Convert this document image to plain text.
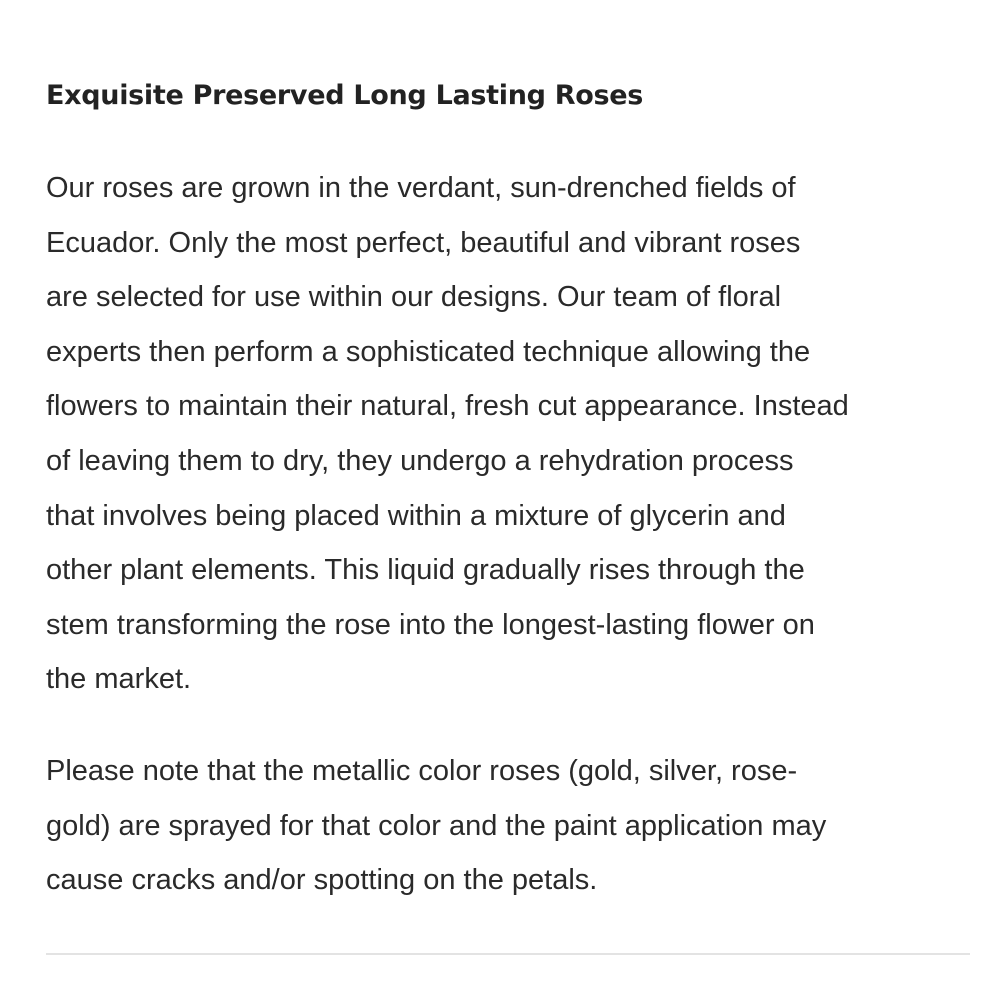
Exquisite Preserved Long Lasting Roses

Our roses are grown in the verdant, sun-drenched fields of
Ecuador. Only the most perfect, beautiful and vibrant roses
are selected for use within our designs. Our team of floral
experts then perform a sophisticated technique allowing the
flowers to maintain their natural, fresh cut appearance. Instead
of leaving them to dry, they undergo a rehydration process
that involves being placed within a mixture of glycerin and
other plant elements. This liquid gradually rises through the
stem transforming the rose into the longest-lasting flower on
the market.

Please note that the metallic color roses (gold, silver, rose-
gold) are sprayed for that color and the paint application may
cause cracks and/or spotting on the petals.
